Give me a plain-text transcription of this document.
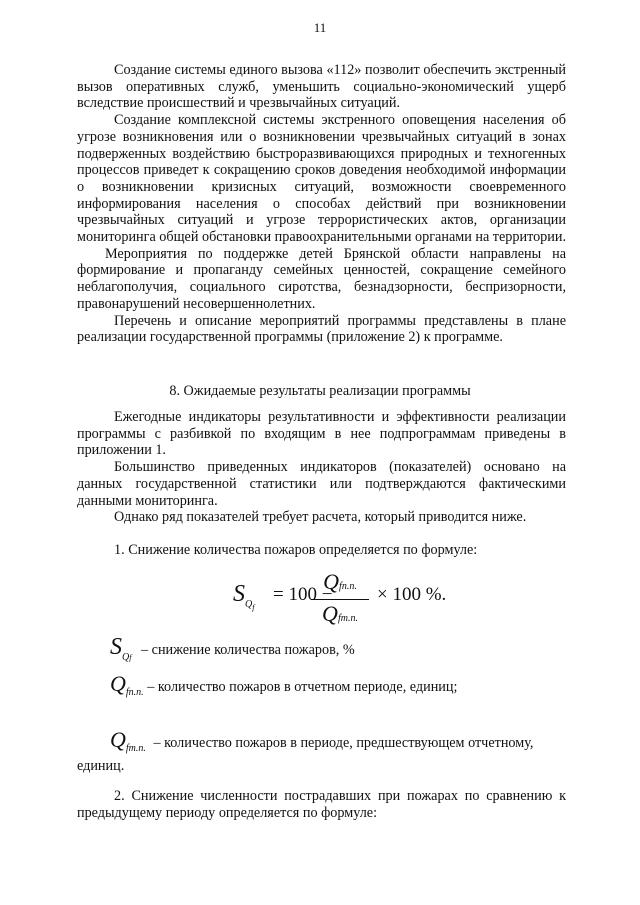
11

Создание системы единого вызова «112» позволит обеспечить экстренный вызов оперативных служб, уменьшить социально-экономический ущерб вследствие происшествий и чрезвычайных ситуаций.

Создание комплексной системы экстренного оповещения населения об угрозе возникновения или о возникновении чрезвычайных ситуаций в зонах подверженных воздействию быстроразвивающихся природных и техногенных процессов приведет к сокращению сроков доведения необходимой информации о возникновении кризисных ситуаций, возможности своевременного информирования населения о способах действий при возникновении чрезвычайных ситуаций и угрозе террористических актов, организации мониторинга общей обстановки правоохранительными органами на территории.

Мероприятия по поддержке детей Брянской области направлены на формирование и пропаганду семейных ценностей, сокращение семейного неблагополучия, социального сиротства, безнадзорности, беспризорности, правонарушений несовершеннолетних.

Перечень и описание мероприятий программы представлены в плане реализации государственной программы (приложение 2) к программе.

8. Ожидаемые результаты реализации программы

Ежегодные индикаторы результативности и эффективности реализации программы с разбивкой по входящим в нее подпрограммам приведены в приложении 1.

Большинство приведенных индикаторов (показателей) основано на данных государственной статистики или подтверждаются фактическими данными мониторинга.

Однако ряд показателей требует расчета, который приводится ниже.

1. Снижение количества пожаров определяется по формуле:

$S_{Q_f}$
= 100 −
Qfn.п.
Qfm.п.
× 100 %.
$S_{Qf}$ – снижение количества пожаров, %
$Q_{fn.п.}$ – количество пожаров в отчетном периоде, единиц;
$Q_{fm.п.}$ – количество пожаров в периоде, предшествующем отчетному,
единиц.

2. Снижение численности пострадавших при пожарах по сравнению к предыдущему периоду определяется по формуле:
